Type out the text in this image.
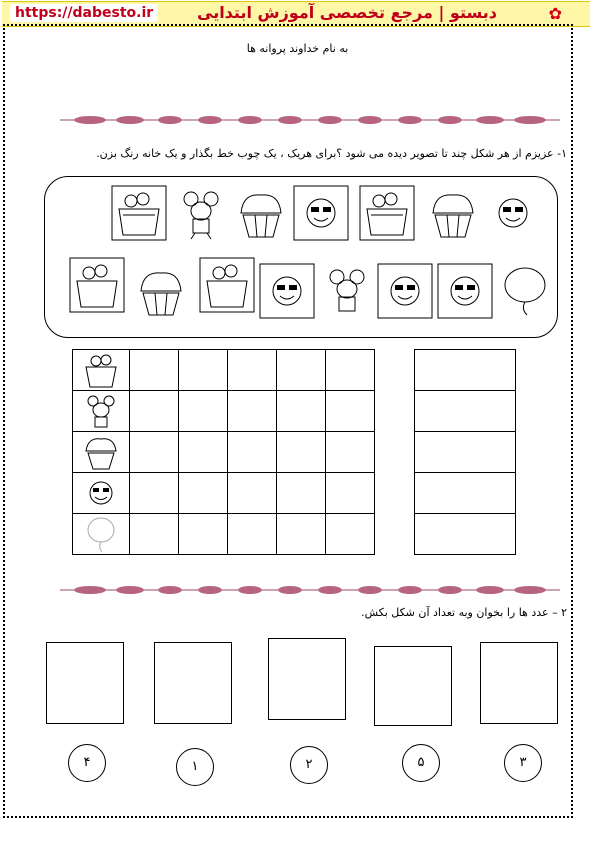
https://dabesto.ir	دبستو | مرجع تخصصی آموزش ابتدایی	✿
به نام خداوند پروانه ها
۱- عزیزم از هر شکل چند تا تصویر دیده می شود ؟برای هریک ، یک چوب خط بگذار و یک خانه رنگ بزن.

۲ – عدد ها را بخوان وبه تعداد آن شکل بکش.
۴	۱	۲	۵	۳
